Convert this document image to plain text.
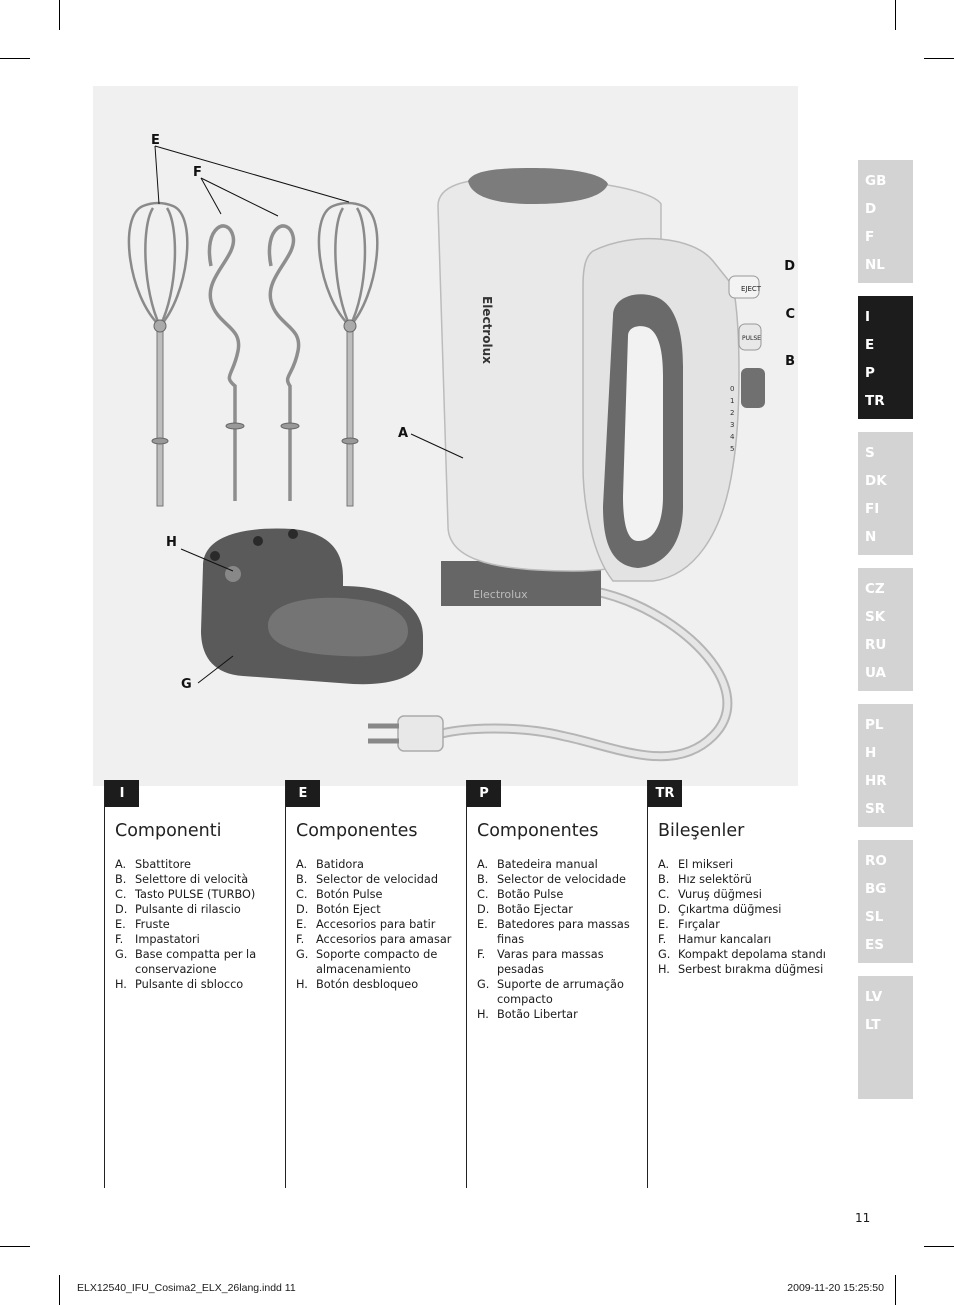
EJECT
PULSE
0
1
2
3
4
5
Electrolux
Electrolux
E
F
A
D
C
B
H
G
GB
D
F
NL
I
E
P
TR
S
DK
FI
N
CZ
SK
RU
UA
PL
H
HR
SR
RO
BG
SL
ES
LV
LT
I
Componenti
A. Sbattitore
B. Selettore di velocità
C. Tasto PULSE (TURBO)
D. Pulsante di rilascio
E. Fruste
F.	Impastatori
G. Base compatta per la conservazione
H. Pulsante di sblocco
E
Componentes
A. Batidora
B. Selector de velocidad
C. Botón Pulse
D. Botón Eject
E. Accesorios para batir
F.	Accesorios para amasar
G. Soporte compacto de almacenamiento
H. Botón desbloqueo
P
Componentes
A. Batedeira manual
B. Selector de velocidade
C. Botão Pulse
D. Botão Ejectar
E. Batedores para massas finas
F.	Varas para massas pesadas
G. Suporte de arrumação compacto
H. Botão Libertar
TR
Bileşenler
A. El mikseri
B. Hız selektörü
C. Vuruş düğmesi
D. Çıkartma düğmesi
E. Fırçalar
F.	Hamur kancaları
G. Kompakt depolama standı
H. Serbest bırakma düğmesi
11
ELX12540_IFU_Cosima2_ELX_26lang.indd 11	2009-11-20 15:25:50
